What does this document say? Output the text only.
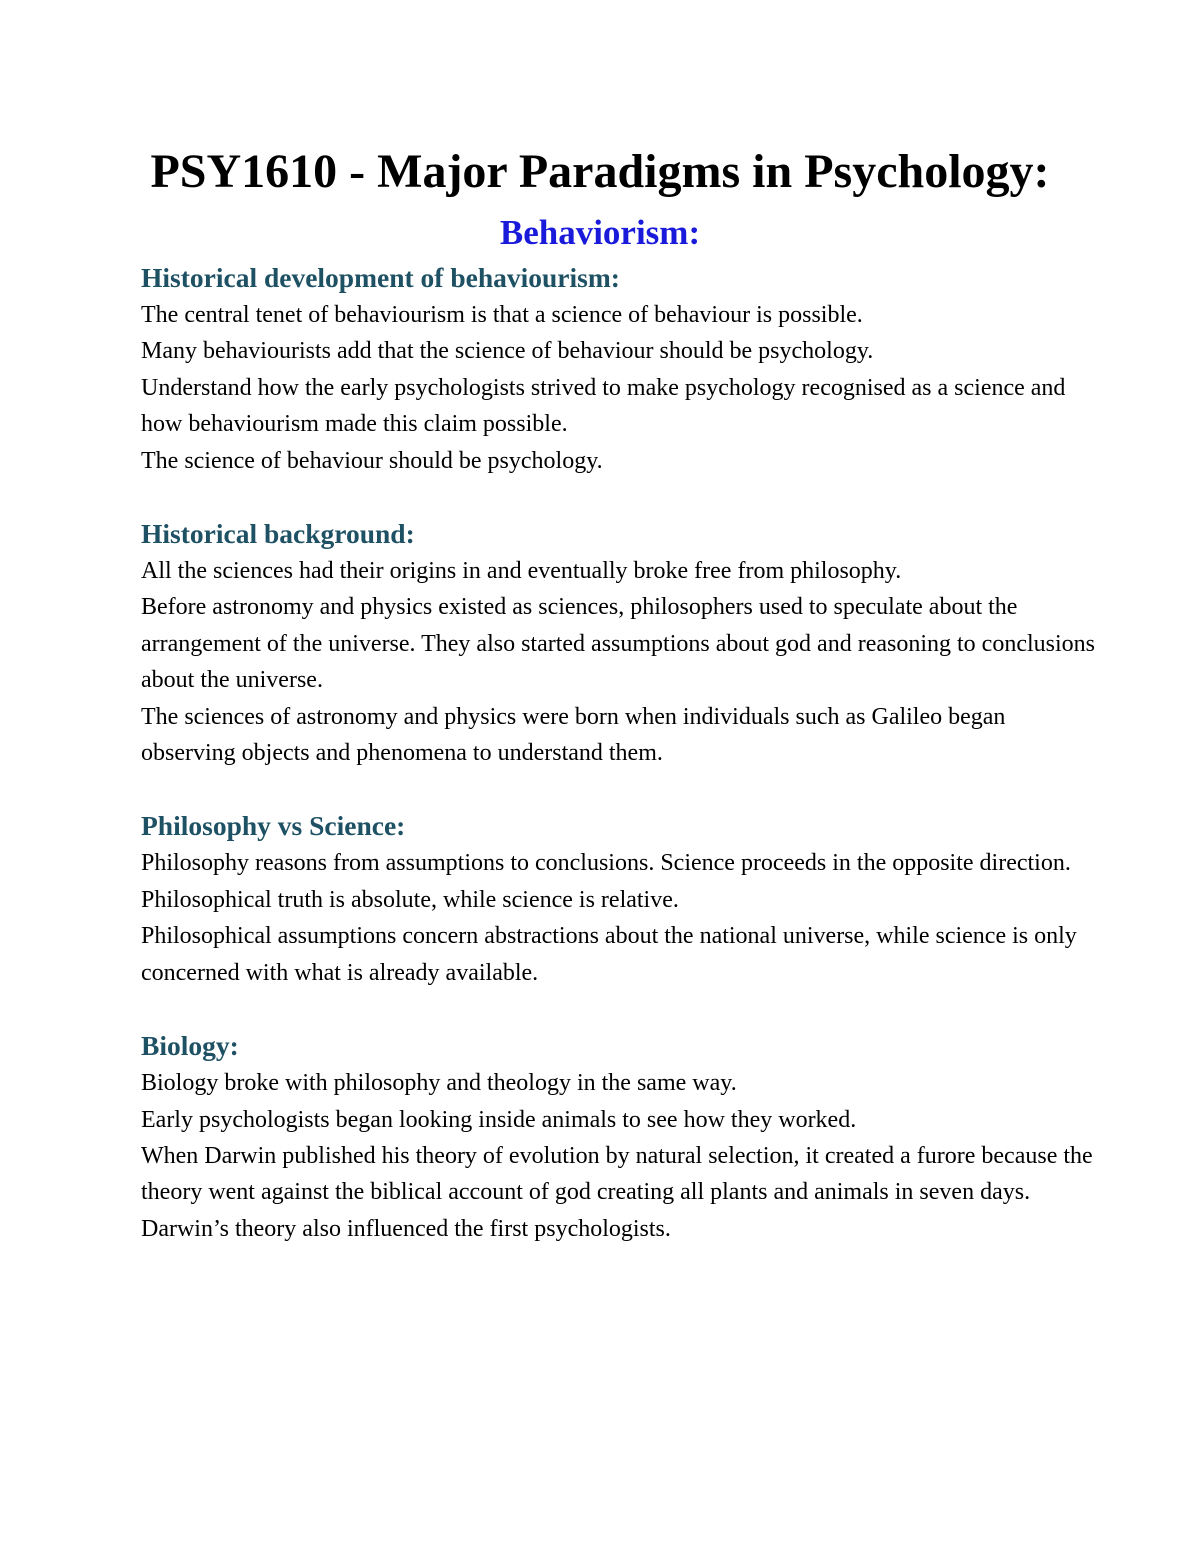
PSY1610 - Major Paradigms in Psychology:
Behaviorism:
Historical development of behaviourism:

The central tenet of behaviourism is that a science of behaviour is possible.

Many behaviourists add that the science of behaviour should be psychology.

Understand how the early psychologists strived to make psychology recognised as a science and how behaviourism made this claim possible.

The science of behaviour should be psychology.

Historical background:

All the sciences had their origins in and eventually broke free from philosophy.

Before astronomy and physics existed as sciences, philosophers used to speculate about the arrangement of the universe. They also started assumptions about god and reasoning to conclusions about the universe.

The sciences of astronomy and physics were born when individuals such as Galileo began observing objects and phenomena to understand them.

Philosophy vs Science:

Philosophy reasons from assumptions to conclusions. Science proceeds in the opposite direction.

Philosophical truth is absolute, while science is relative.

Philosophical assumptions concern abstractions about the national universe, while science is only concerned with what is already available.

Biology:

Biology broke with philosophy and theology in the same way.

Early psychologists began looking inside animals to see how they worked.

When Darwin published his theory of evolution by natural selection, it created a furore because the theory went against the biblical account of god creating all plants and animals in seven days.

Darwin’s theory also influenced the first psychologists.
